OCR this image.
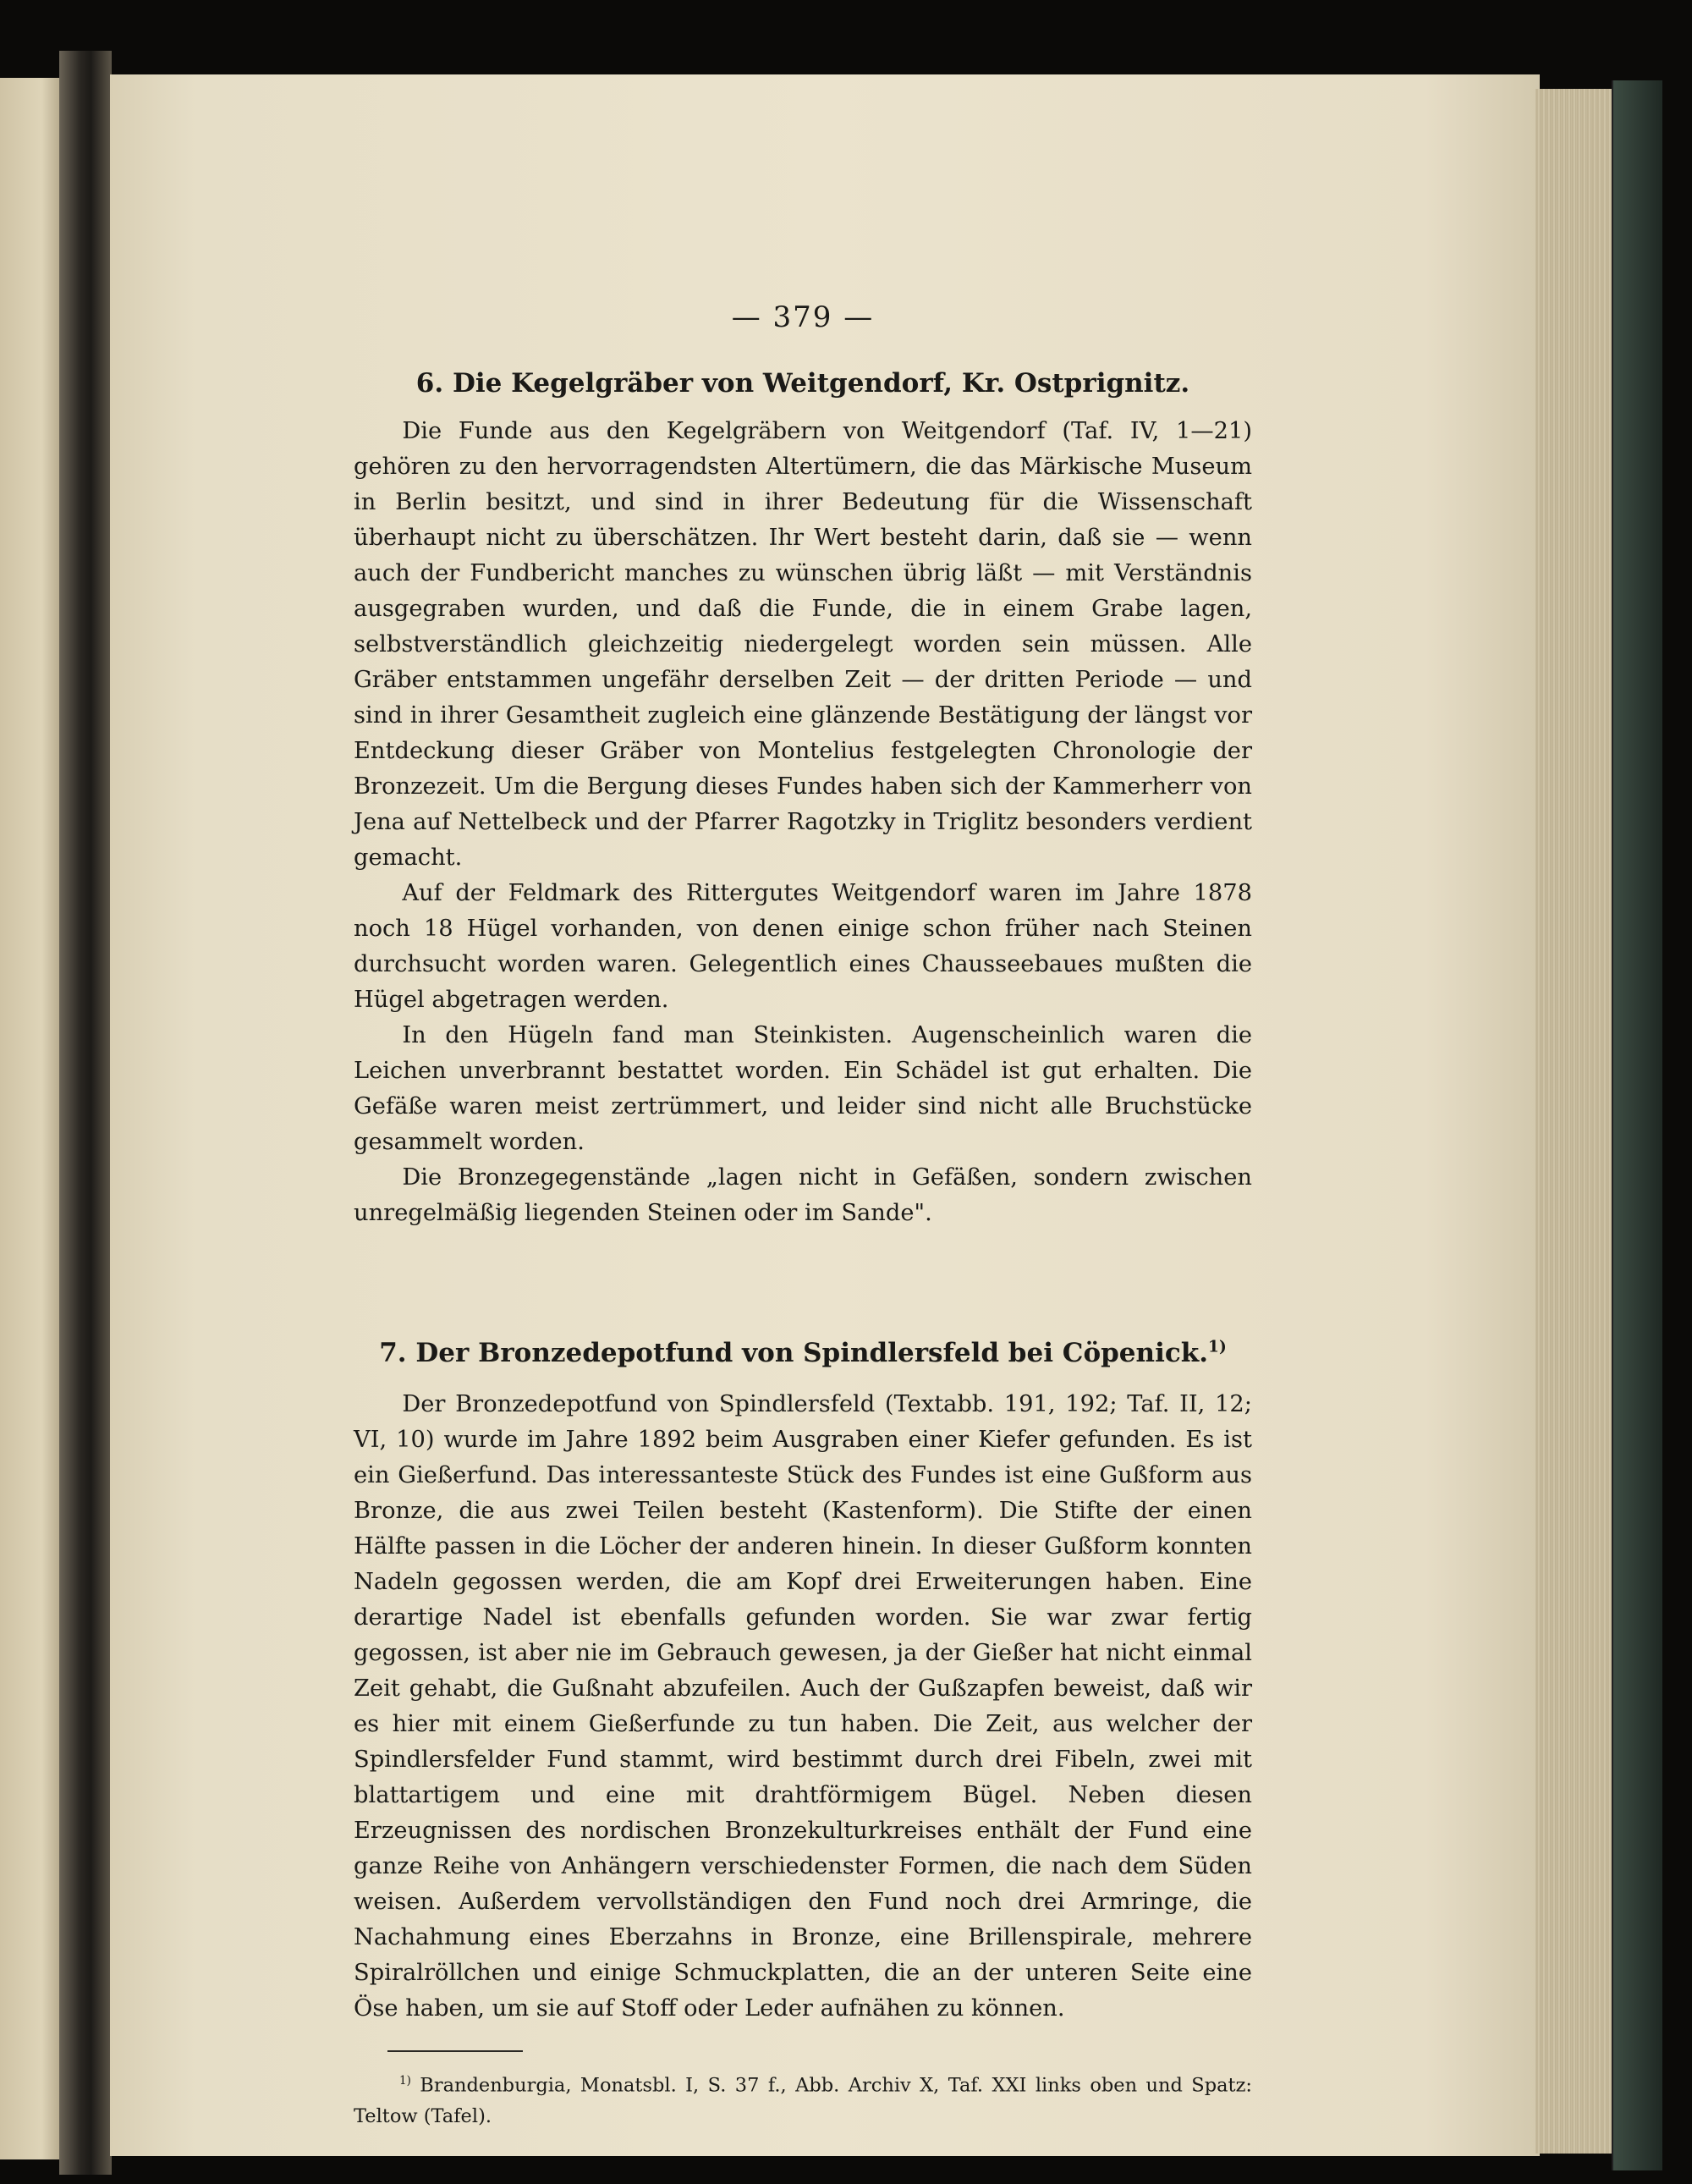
— 379 —

6. Die Kegelgräber von Weitgendorf, Kr. Ostprignitz.

Die Funde aus den Kegelgräbern von Weitgendorf (Taf. IV, 1—21) gehören zu den hervorragendsten Altertümern, die das Märkische Museum in Berlin besitzt, und sind in ihrer Bedeutung für die Wissenschaft überhaupt nicht zu überschätzen. Ihr Wert besteht darin, daß sie — wenn auch der Fundbericht manches zu wünschen übrig läßt — mit Verständnis ausgegraben wurden, und daß die Funde, die in einem Grabe lagen, selbstverständlich gleichzeitig niedergelegt worden sein müssen. Alle Gräber entstammen ungefähr derselben Zeit — der dritten Periode — und sind in ihrer Gesamtheit zugleich eine glänzende Bestätigung der längst vor Entdeckung dieser Gräber von Montelius festgelegten Chronologie der Bronzezeit. Um die Bergung dieses Fundes haben sich der Kammerherr von Jena auf Nettelbeck und der Pfarrer Ragotzky in Triglitz besonders verdient gemacht.

Auf der Feldmark des Rittergutes Weitgendorf waren im Jahre 1878 noch 18 Hügel vorhanden, von denen einige schon früher nach Steinen durchsucht worden waren. Gelegentlich eines Chausseebaues mußten die Hügel abgetragen werden.

In den Hügeln fand man Steinkisten. Augenscheinlich waren die Leichen unverbrannt bestattet worden. Ein Schädel ist gut erhalten. Die Gefäße waren meist zertrümmert, und leider sind nicht alle Bruchstücke gesammelt worden.

Die Bronzegegenstände „lagen nicht in Gefäßen, sondern zwischen unregelmäßig liegenden Steinen oder im Sande".

7. Der Bronzedepotfund von Spindlersfeld bei Cöpenick.$^{1)}$

Der Bronzedepotfund von Spindlersfeld (Textabb. 191, 192; Taf. II, 12; VI, 10) wurde im Jahre 1892 beim Ausgraben einer Kiefer gefunden. Es ist ein Gießerfund. Das interessanteste Stück des Fundes ist eine Gußform aus Bronze, die aus zwei Teilen besteht (Kastenform). Die Stifte der einen Hälfte passen in die Löcher der anderen hinein. In dieser Gußform konnten Nadeln gegossen werden, die am Kopf drei Erweiterungen haben. Eine derartige Nadel ist ebenfalls gefunden worden. Sie war zwar fertig gegossen, ist aber nie im Gebrauch gewesen, ja der Gießer hat nicht einmal Zeit gehabt, die Gußnaht abzufeilen. Auch der Gußzapfen beweist, daß wir es hier mit einem Gießerfunde zu tun haben. Die Zeit, aus welcher der Spindlersfelder Fund stammt, wird bestimmt durch drei Fibeln, zwei mit blattartigem und eine mit drahtförmigem Bügel. Neben diesen Erzeugnissen des nordischen Bronzekulturkreises enthält der Fund eine ganze Reihe von Anhängern verschiedenster Formen, die nach dem Süden weisen. Außerdem vervollständigen den Fund noch drei Armringe, die Nachahmung eines Eberzahns in Bronze, eine Brillenspirale, mehrere Spiralröllchen und einige Schmuckplatten, die an der unteren Seite eine Öse haben, um sie auf Stoff oder Leder aufnähen zu können.

$^{1)}$ Brandenburgia, Monatsbl. I, S. 37 f., Abb. Archiv X, Taf. XXI links oben und Spatz: Teltow (Tafel).
